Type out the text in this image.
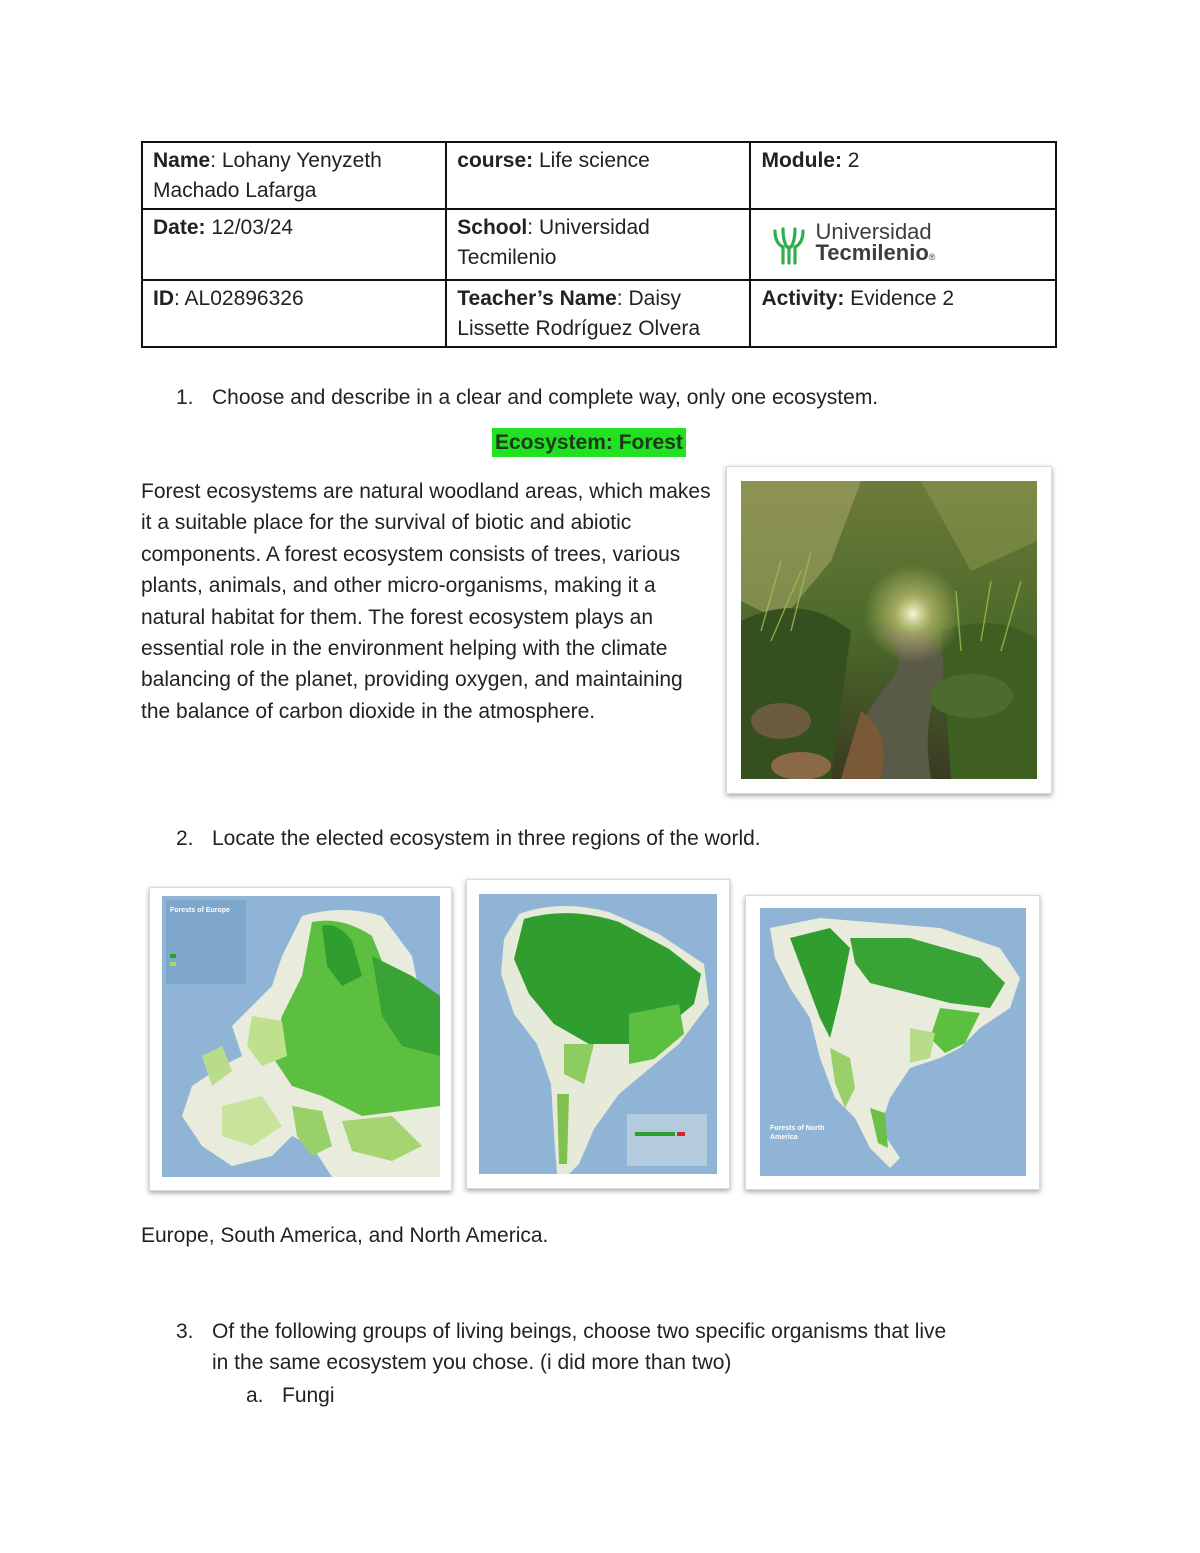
Name: Lohany Yenyzeth Machado Lafarga	course: Life science	Module: 2
Date: 12/03/24	School: Universidad Tecmilenio	Universidad
Tecmilenio®

ID: AL02896326	Teacher’s Name: Daisy Lissette Rodríguez Olvera	Activity: Evidence 2
1. Choose and describe in a clear and complete way, only one ecosystem.
Ecosystem: Forest
Forest ecosystems are natural woodland areas, which makes it a suitable place for the survival of biotic and abiotic components. A forest ecosystem consists of trees, various plants, animals, and other micro-organisms, making it a natural habitat for them. The forest ecosystem plays an essential role in the environment helping with the climate balancing of the planet, providing oxygen, and maintaining the balance of carbon dioxide in the atmosphere.
2. Locate the elected ecosystem in three regions of the world.
Forests of Europe
Forests of North
America
Europe, South America, and North America.
3. Of the following groups of living beings, choose two specific organisms that live
in the same ecosystem you chose. (i did more than two)
a. Fungi
